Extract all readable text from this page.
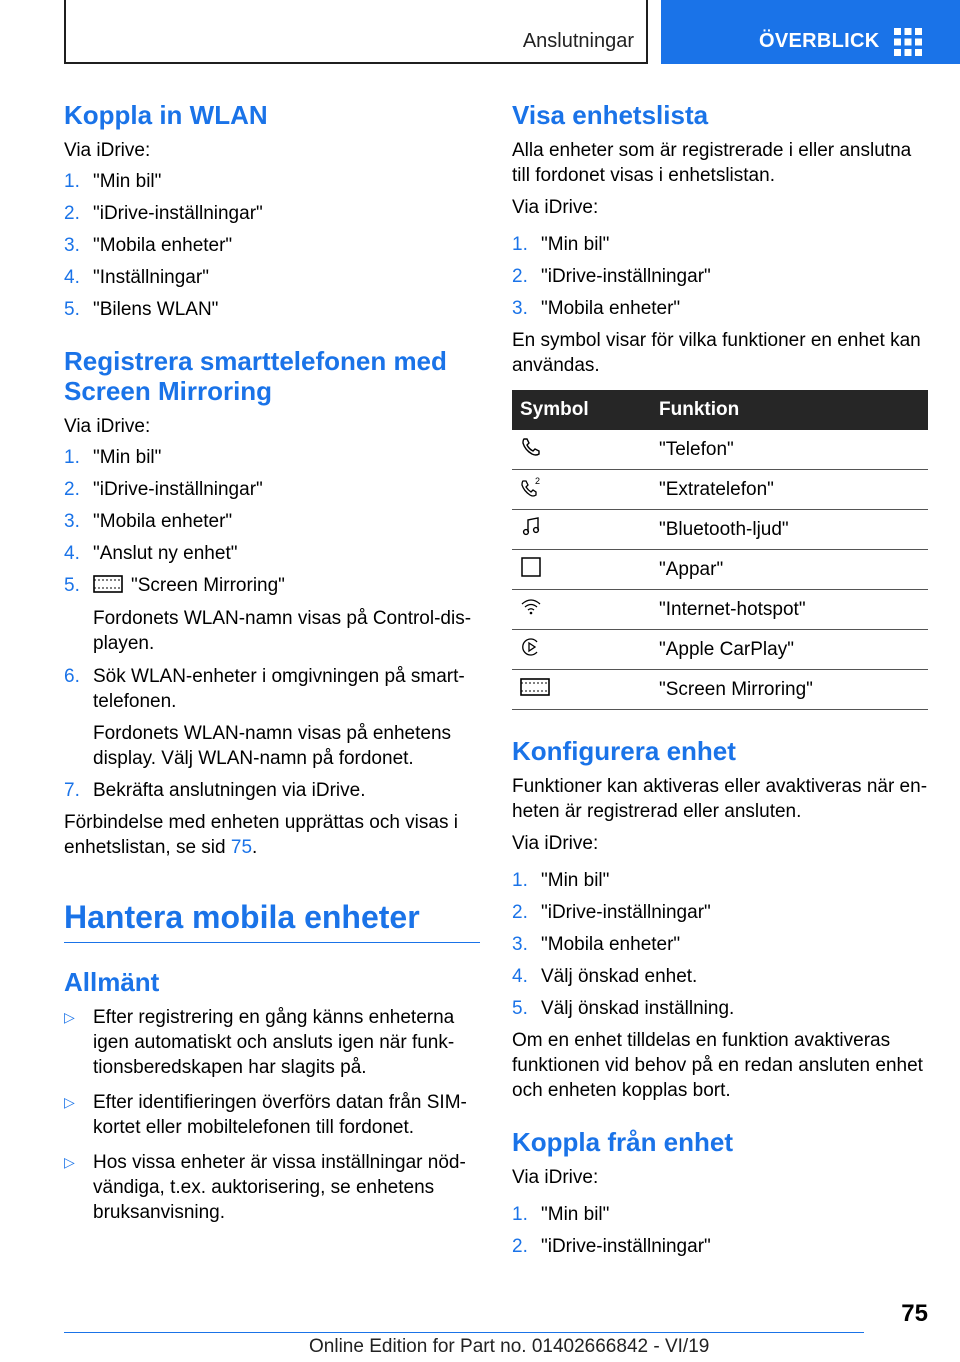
Anslutningar	ÖVERBLICK
Koppla in WLAN

Via iDrive:

1. "Min bil"
2. "iDrive-inställningar"
3. "Mobila enheter"
4. "Inställningar"
5. "Bilens WLAN"
Registrera smarttelefonen med
Screen Mirroring

Via iDrive:

1. "Min bil"
2. "iDrive-inställningar"
3. "Mobila enheter"
4. "Anslut ny enhet"
5.	"Screen Mirroring"
Fordonets WLAN-namn visas på Control-dis-
playen.
6. Sök WLAN-enheter i omgivningen på smart-
telefonen.
Fordonets WLAN-namn visas på enhetens
display. Välj WLAN-namn på fordonet.
7. Bekräfta anslutningen via iDrive.

Förbindelse med enheten upprättas och visas i
enhetslistan, se sid 75.

Hantera mobila enheter
Allmänt
▷ Efter registrering en gång känns enheterna
igen automatiskt och ansluts igen när funk-
tionsberedskapen har slagits på.
▷ Efter identifieringen överförs datan från SIM-
kortet eller mobiltelefonen till fordonet.
▷ Hos vissa enheter är vissa inställningar nöd-
vändiga, t.ex. auktorisering, se enhetens
bruksanvisning.
Visa enhetslista

Alla enheter som är registrerade i eller anslutna
till fordonet visas i enhetslistan.

Via iDrive:

1. "Min bil"
2. "iDrive-inställningar"
3. "Mobila enheter"

En symbol visar för vilka funktioner en enhet kan
användas.

Symbol	Funktion
	"Telefon"

2	"Extratelefon"
	"Bluetooth-ljud"
	"Appar"
	"Internet-hotspot"
	"Apple CarPlay"
	"Screen Mirroring"
Konfigurera enhet

Funktioner kan aktiveras eller avaktiveras när en-
heten är registrerad eller ansluten.

Via iDrive:

1. "Min bil"
2. "iDrive-inställningar"
3. "Mobila enheter"
4. Välj önskad enhet.
5. Välj önskad inställning.

Om en enhet tilldelas en funktion avaktiveras
funktionen vid behov på en redan ansluten enhet
och enheten kopplas bort.

Koppla från enhet

Via iDrive:

1. "Min bil"
2. "iDrive-inställningar"
75
Online Edition for Part no. 01402666842 - VI/19
